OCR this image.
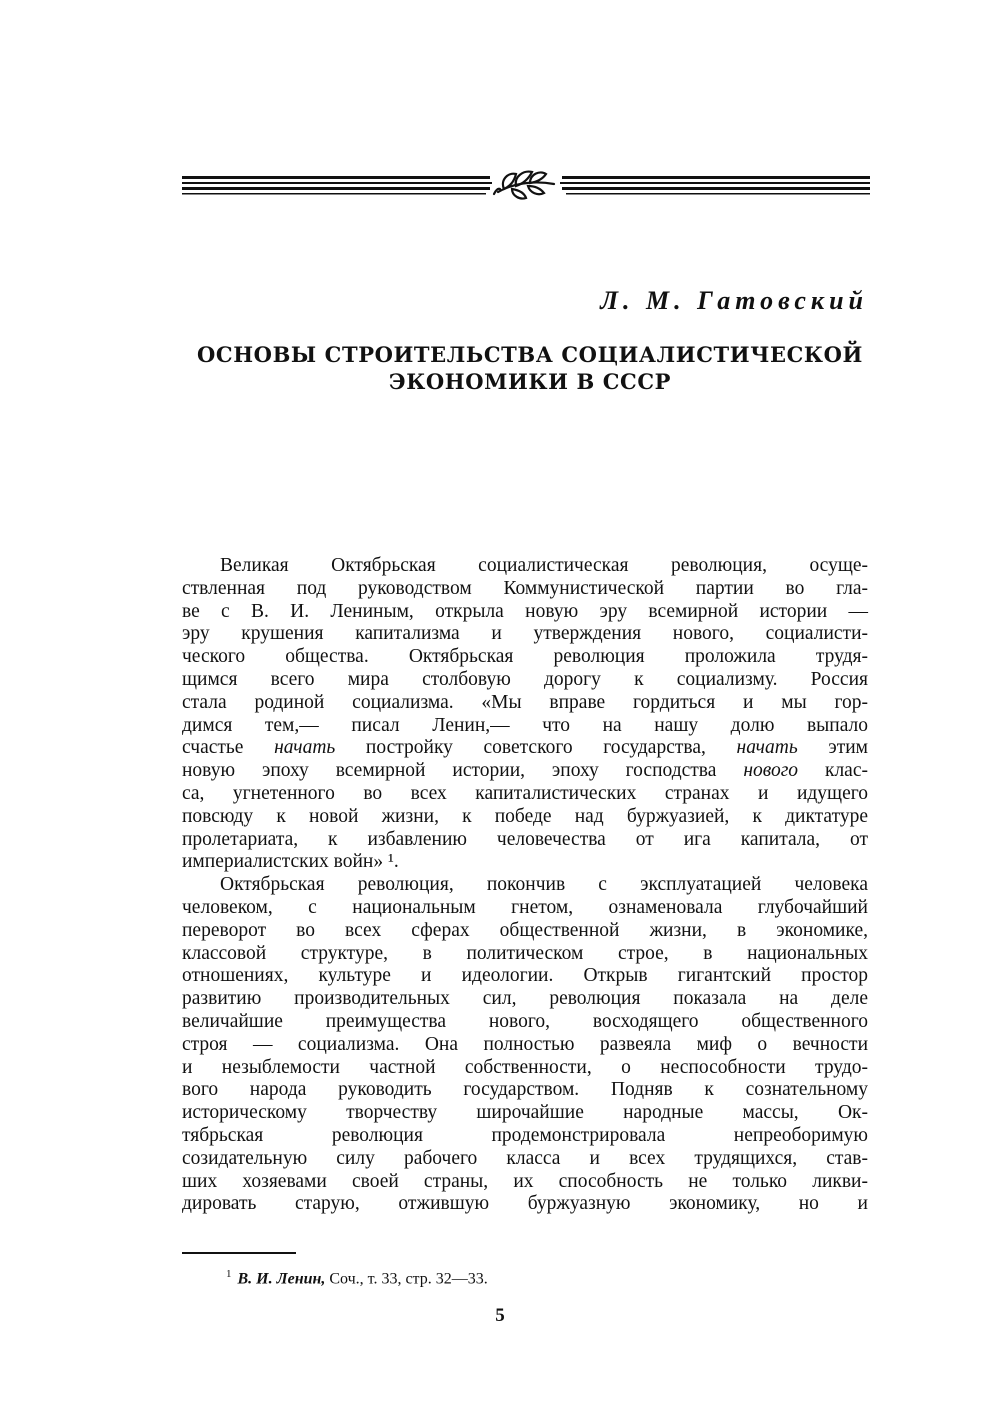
Л. М. Гатовский
ОСНОВЫ СТРОИТЕЛЬСТВА СОЦИАЛИСТИЧЕСКОЙ
ЭКОНОМИКИ В СССР
Великая Октябрьская социалистическая революция, осуще-
ствленная под руководством Коммунистической партии во гла-
ве с В. И. Лениным, открыла новую эру всемирной истории —
эру крушения капитализма и утверждения нового, социалисти-
ческого общества. Октябрьская революция проложила трудя-
щимся всего мира столбовую дорогу к социализму. Россия
стала родиной социализма. «Мы вправе гордиться и мы гор-
димся тем,— писал Ленин,— что на нашу долю выпало
счастье начать постройку советского государства, начать этим
новую эпоху всемирной истории, эпоху господства нового клас-
са, угнетенного во всех капиталистических странах и идущего
повсюду к новой жизни, к победе над буржуазией, к диктатуре
пролетариата, к избавлению человечества от ига капитала, от
империалистских войн» ¹.
Октябрьская революция, покончив с эксплуатацией человека
человеком, с национальным гнетом, ознаменовала глубочайший
переворот во всех сферах общественной жизни, в экономике,
классовой структуре, в политическом строе, в национальных
отношениях, культуре и идеологии. Открыв гигантский простор
развитию производительных сил, революция показала на деле
величайшие преимущества нового, восходящего общественного
строя — социализма. Она полностью развеяла миф о вечности
и незыблемости частной собственности, о неспособности трудо-
вого народа руководить государством. Подняв к сознательному
историческому творчеству широчайшие народные массы, Ок-
тябрьская революция продемонстрировала непреоборимую
созидательную силу рабочего класса и всех трудящихся, став-
ших хозяевами своей страны, их способность не только ликви-
дировать старую, отжившую буржуазную экономику, но и
$^1$ В. И. Ленин, Соч., т. 33, стр. 32—33.
5
